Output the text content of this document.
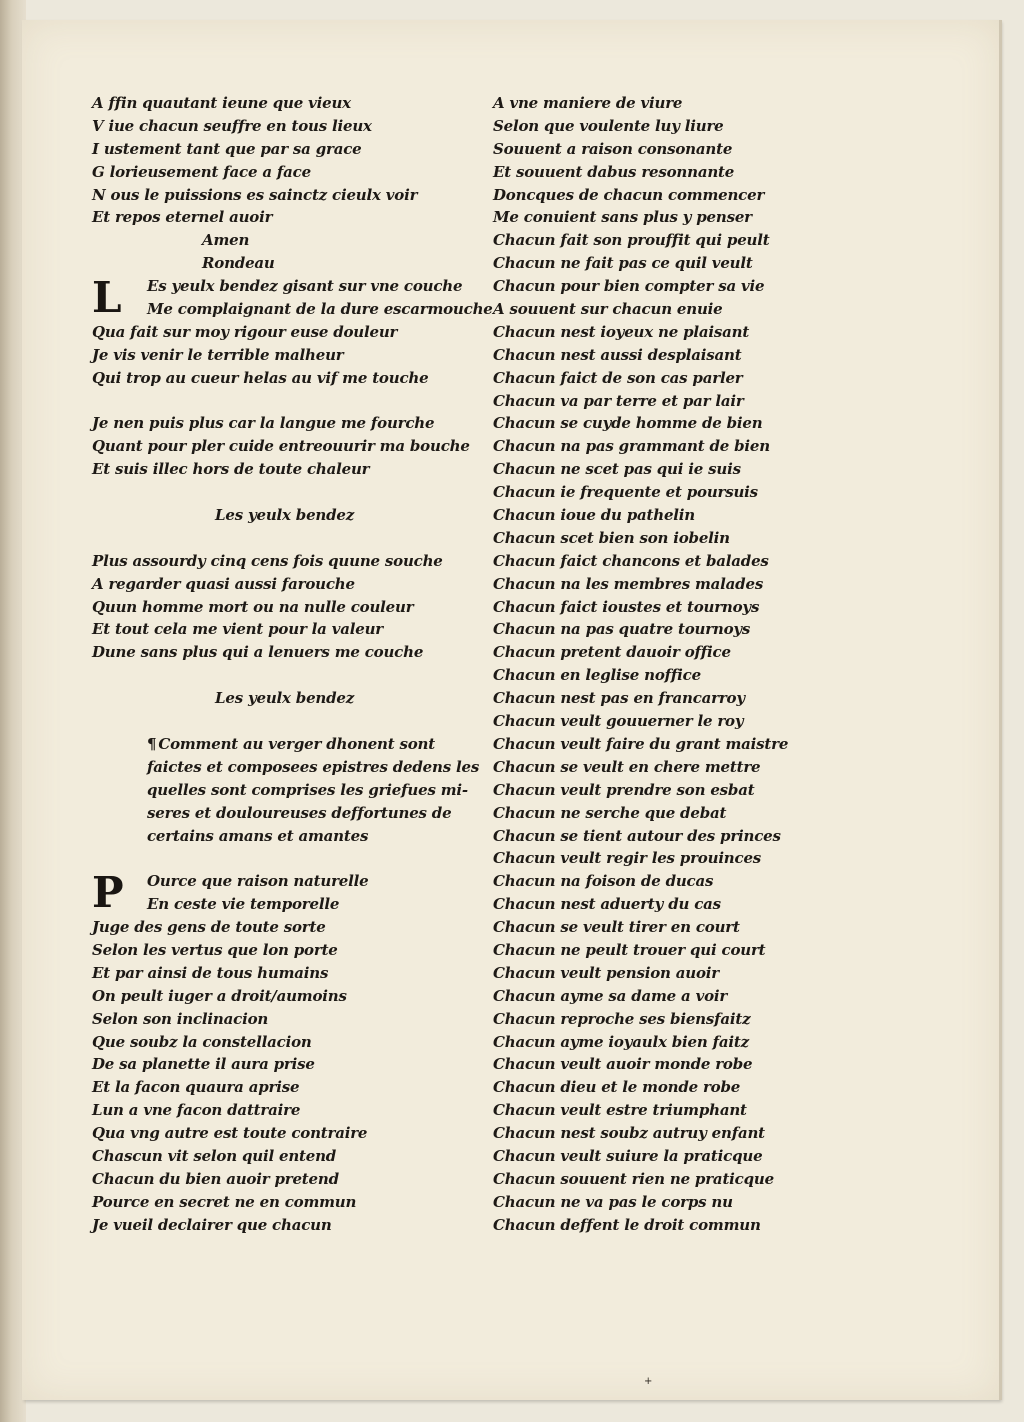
A ffin quautant ieune que vieux
V iue chacun seuffre en tous lieux
I ustement tant que par sa grace
G lorieusement face a face
N ous le puissions es sainctz cieulx voir
Et repos eternel auoir
Amen
Rondeau
L	Es yeulx bendez gisant sur vne couche
Me complaignant de la dure escarmouche
Qua fait sur moy rigour euse douleur
Je vis venir le terrible malheur
Qui trop au cueur helas au vif me touche
Je nen puis plus car la langue me fourche
Quant pour pler cuide entreouurir ma bouche
Et suis illec hors de toute chaleur
Les yeulx bendez
Plus assourdy cinq cens fois quune souche
A regarder quasi aussi farouche
Quun homme mort ou na nulle couleur
Et tout cela me vient pour la valeur
Dune sans plus qui a lenuers me couche
Les yeulx bendez
¶ Comment au verger dhonent sont
faictes et composees epistres dedens les
quelles sont comprises les griefues mi-
seres et douloureuses deffortunes de
certains amans et amantes
P	Ource que raison naturelle
En ceste vie temporelle
Juge des gens de toute sorte
Selon les vertus que lon porte
Et par ainsi de tous humains
On peult iuger a droit/aumoins
Selon son inclinacion
Que soubz la constellacion
De sa planette il aura prise
Et la facon quaura aprise
Lun a vne facon dattraire
Qua vng autre est toute contraire
Chascun vit selon quil entend
Chacun du bien auoir pretend
Pource en secret ne en commun
Je vueil declairer que chacun
A vne maniere de viure
Selon que voulente luy liure
Souuent a raison consonante
Et souuent dabus resonnante
Doncques de chacun commencer
Me conuient sans plus y penser
Chacun fait son prouffit qui peult
Chacun ne fait pas ce quil veult
Chacun pour bien compter sa vie
A souuent sur chacun enuie
Chacun nest ioyeux ne plaisant
Chacun nest aussi desplaisant
Chacun faict de son cas parler
Chacun va par terre et par lair
Chacun se cuyde homme de bien
Chacun na pas grammant de bien
Chacun ne scet pas qui ie suis
Chacun ie frequente et poursuis
Chacun ioue du pathelin
Chacun scet bien son iobelin
Chacun faict chancons et balades
Chacun na les membres malades
Chacun faict ioustes et tournoys
Chacun na pas quatre tournoys
Chacun pretent dauoir office
Chacun en leglise noffice
Chacun nest pas en francarroy
Chacun veult gouuerner le roy
Chacun veult faire du grant maistre
Chacun se veult en chere mettre
Chacun veult prendre son esbat
Chacun ne serche que debat
Chacun se tient autour des princes
Chacun veult regir les prouinces
Chacun na foison de ducas
Chacun nest aduerty du cas
Chacun se veult tirer en court
Chacun ne peult trouer qui court
Chacun veult pension auoir
Chacun ayme sa dame a voir
Chacun reproche ses biensfaitz
Chacun ayme ioyaulx bien faitz
Chacun veult auoir monde robe
Chacun dieu et le monde robe
Chacun veult estre triumphant
Chacun nest soubz autruy enfant
Chacun veult suiure la praticque
Chacun souuent rien ne praticque
Chacun ne va pas le corps nu
Chacun deffent le droit commun
+
